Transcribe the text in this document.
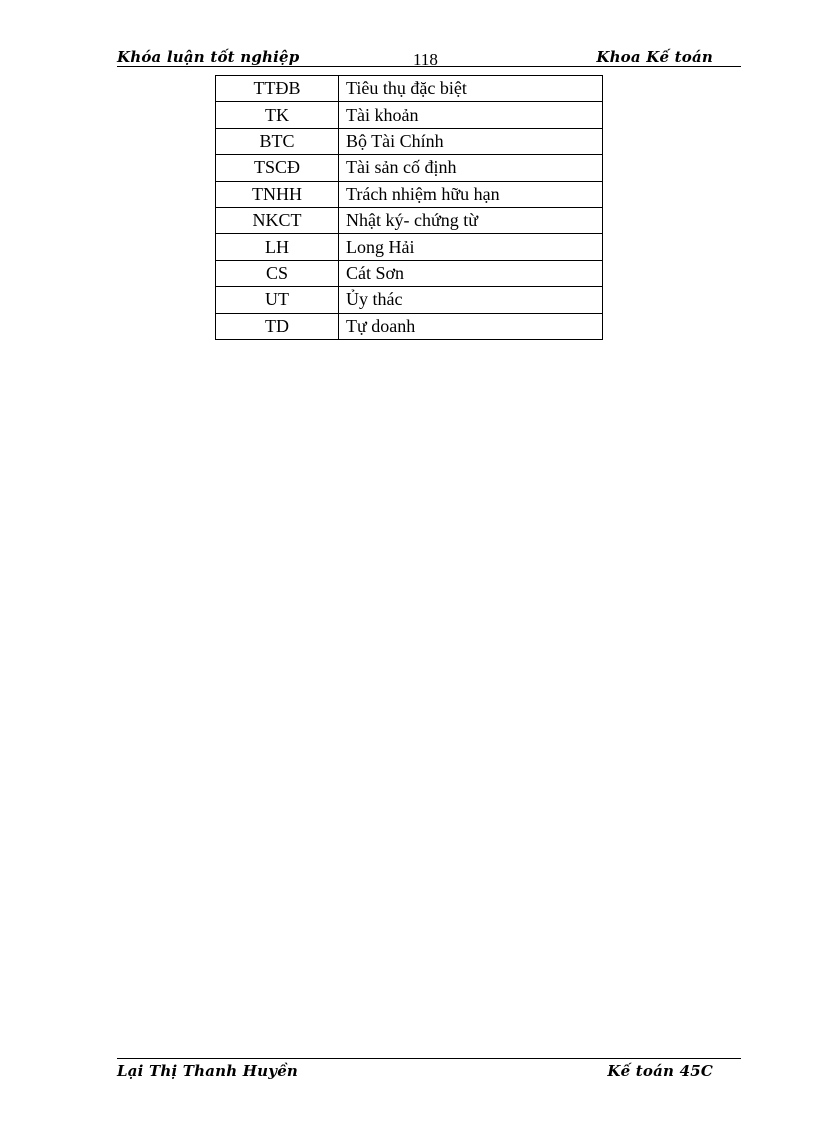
Khóa luận tốt nghiệp	118	Khoa Kế toán
TTĐB	Tiêu thụ đặc biệt
TK	Tài khoản
BTC	Bộ Tài Chính
TSCĐ	Tài sản cố định
TNHH	Trách nhiệm hữu hạn
NKCT	Nhật ký- chứng từ
LH	Long Hải
CS	Cát Sơn
UT	Ủy thác
TD	Tự doanh
Lại Thị Thanh Huyền	Kế toán 45C
